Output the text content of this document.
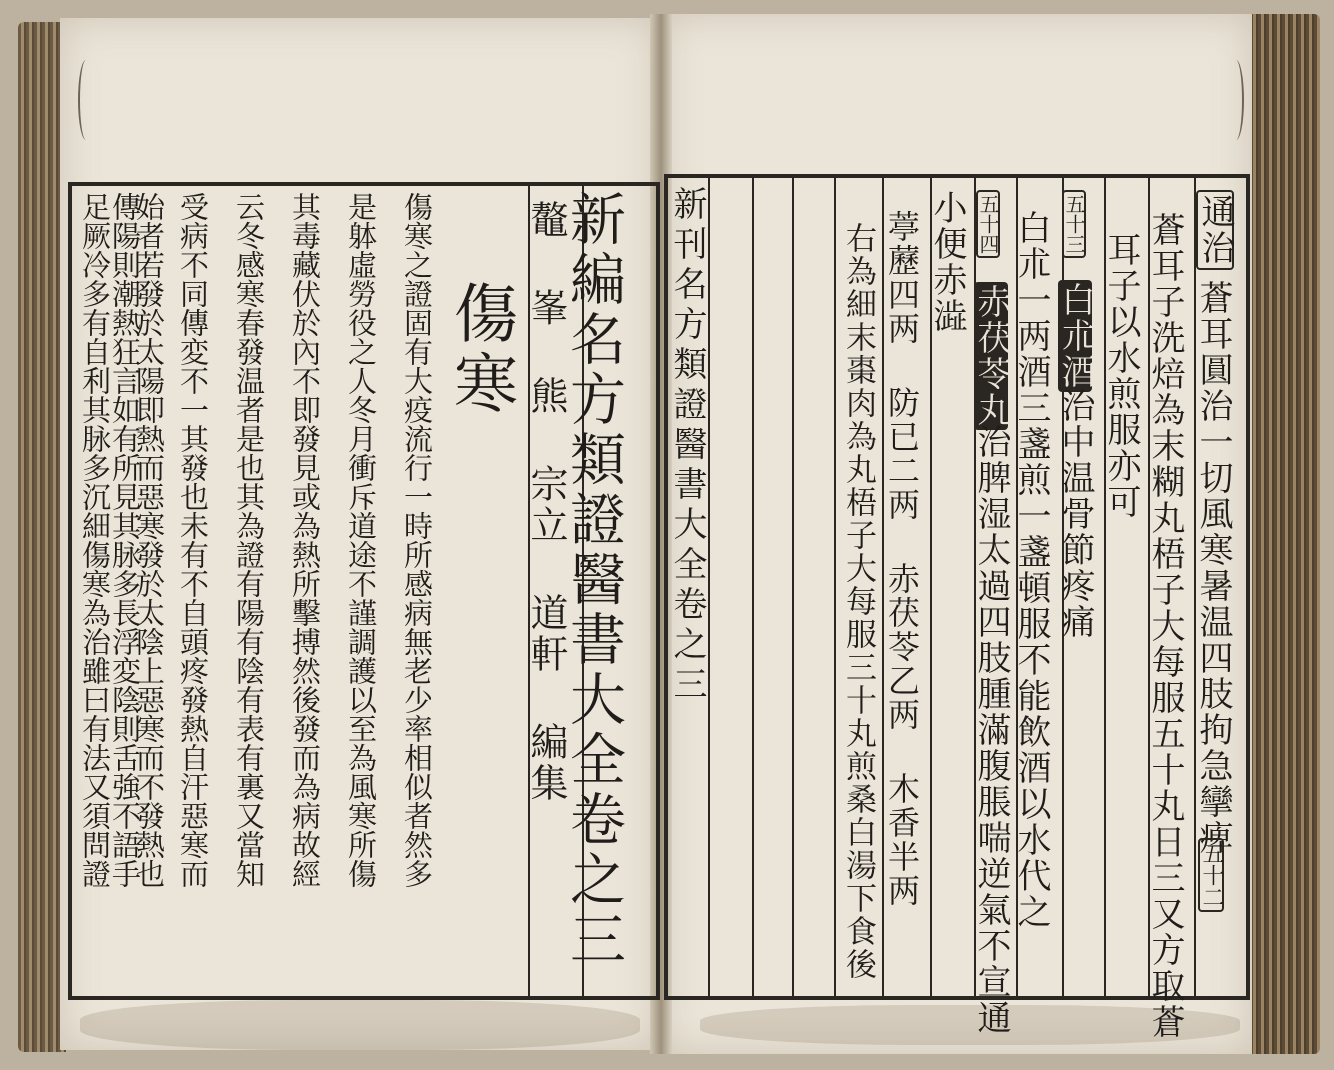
新編名方類證醫書大全卷之三
鼇 峯 熊 宗立 道軒 編集
傷寒
傷寒之證固有大疫流行一時所感病無老少率相似者然多
是躰虛勞役之人冬月衝斥道途不謹調護以至為風寒所傷
其毒藏伏於內不即發見或為熱所擊搏然後發而為病故經
云冬感寒春發温者是也其為證有陽有陰有表有裏又當知
受病不同傳変不一其發也未有不自頭疼發熱自汗惡寒而
始者若發於太陽即熱而惡寒發於太陰上惡寒而不發熱也
傳陽則潮熱狂言如有所見其脉多長浮変陰則舌強不語手
足厥冷多有自利其脉多沉細傷寒為治雖曰有法又須問證	通治
蒼耳圓治一切風寒暑温四肢拘急攣痺
五十二
蒼耳子洗焙為末糊丸梧子大每服五十丸日三又方取蒼
耳子以水煎服亦可
五十三
白朮酒
治中温骨節疼痛
白朮一两酒三盞煎一盞頓服不能飲酒以水代之
五十四
赤茯苓丸
治脾湿太過四肢腫滿腹脹喘逆氣不宣通
小便赤澁
葶藶四两 防已二两 赤茯苓乙两 木香半两
右為細末棗肉為丸梧子大每服三十丸煎桑白湯下食後
新刊名方類證醫書大全卷之三
